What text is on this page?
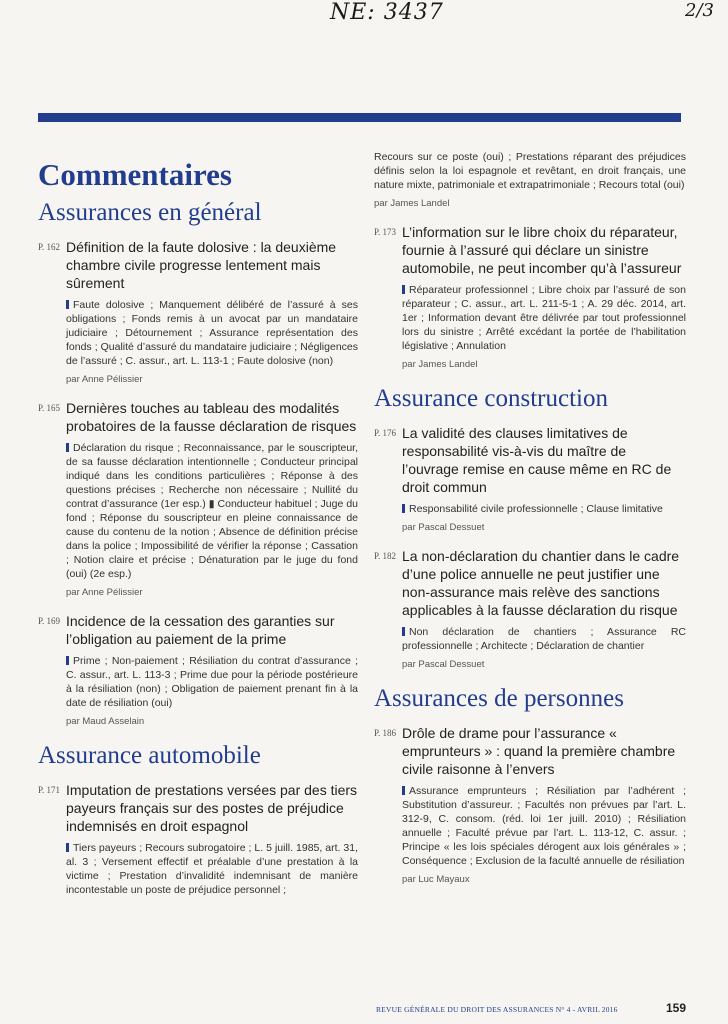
NE: 3437	2/3
Commentaires
Assurances en général
P. 162 Définition de la faute dolosive : la deuxième chambre civile progresse lentement mais sûrement
Faute dolosive ; Manquement délibéré de l’assuré à ses obligations ; Fonds remis à un avocat par un mandataire judiciaire ; Détournement ; Assurance représentation des fonds ; Qualité d’assuré du mandataire judiciaire ; Négligences de l’assuré ; C. assur., art. L. 113-1 ; Faute dolosive (non)
par Anne Pélissier
P. 165 Dernières touches au tableau des modalités probatoires de la fausse déclaration de risques
Déclaration du risque ; Reconnaissance, par le souscripteur, de sa fausse déclaration intentionnelle ; Conducteur principal indiqué dans les conditions particulières ; Réponse à des questions précises ; Recherche non nécessaire ; Nullité du contrat d’assurance (1er esp.) ▮ Conducteur habituel ; Juge du fond ; Réponse du souscripteur en pleine connaissance de cause du contenu de la notion ; Absence de définition précise dans la police ; Impossibilité de vérifier la réponse ; Cassation ; Notion claire et précise ; Dénaturation par le juge du fond (oui) (2e esp.)
par Anne Pélissier
P. 169 Incidence de la cessation des garanties sur l’obligation au paiement de la prime
Prime ; Non-paiement ; Résiliation du contrat d’assurance ; C. assur., art. L. 113-3 ; Prime due pour la période postérieure à la résiliation (non) ; Obligation de paiement prenant fin à la date de résiliation (oui)
par Maud Asselain
Assurance automobile
P. 171 Imputation de prestations versées par des tiers payeurs français sur des postes de préjudice indemnisés en droit espagnol
Tiers payeurs ; Recours subrogatoire ; L. 5 juill. 1985, art. 31, al. 3 ; Versement effectif et préalable d’une prestation à la victime ; Prestation d’invalidité indemnisant de manière incontestable un poste de préjudice personnel ;
Recours sur ce poste (oui) ; Prestations réparant des préjudices définis selon la loi espagnole et revêtant, en droit français, une nature mixte, patrimoniale et extrapatrimoniale ; Recours total (oui)
par James Landel
P. 173 L’information sur le libre choix du réparateur, fournie à l’assuré qui déclare un sinistre automobile, ne peut incomber qu’à l’assureur
Réparateur professionnel ; Libre choix par l’assuré de son réparateur ; C. assur., art. L. 211-5-1 ; A. 29 déc. 2014, art. 1er ; Information devant être délivrée par tout professionnel lors du sinistre ; Arrêté excédant la portée de l’habilitation législative ; Annulation
par James Landel
Assurance construction
P. 176 La validité des clauses limitatives de responsabilité vis-à-vis du maître de l’ouvrage remise en cause même en RC de droit commun
Responsabilité civile professionnelle ; Clause limitative
par Pascal Dessuet
P. 182 La non-déclaration du chantier dans le cadre d’une police annuelle ne peut justifier une non-assurance mais relève des sanctions applicables à la fausse déclaration du risque
Non déclaration de chantiers ; Assurance RC professionnelle ; Architecte ; Déclaration de chantier
par Pascal Dessuet
Assurances de personnes
P. 186 Drôle de drame pour l’assurance « emprunteurs » : quand la première chambre civile raisonne à l’envers
Assurance emprunteurs ; Résiliation par l’adhérent ; Substitution d’assureur. ; Facultés non prévues par l’art. L. 312-9, C. consom. (réd. loi 1er juill. 2010) ; Résiliation annuelle ; Faculté prévue par l’art. L. 113-12, C. assur. ; Principe « les lois spéciales dérogent aux lois générales » ; Conséquence ; Exclusion de la faculté annuelle de résiliation
par Luc Mayaux
REVUE GÉNÉRALE DU DROIT DES ASSURANCES N° 4 - AVRIL 2016	159
